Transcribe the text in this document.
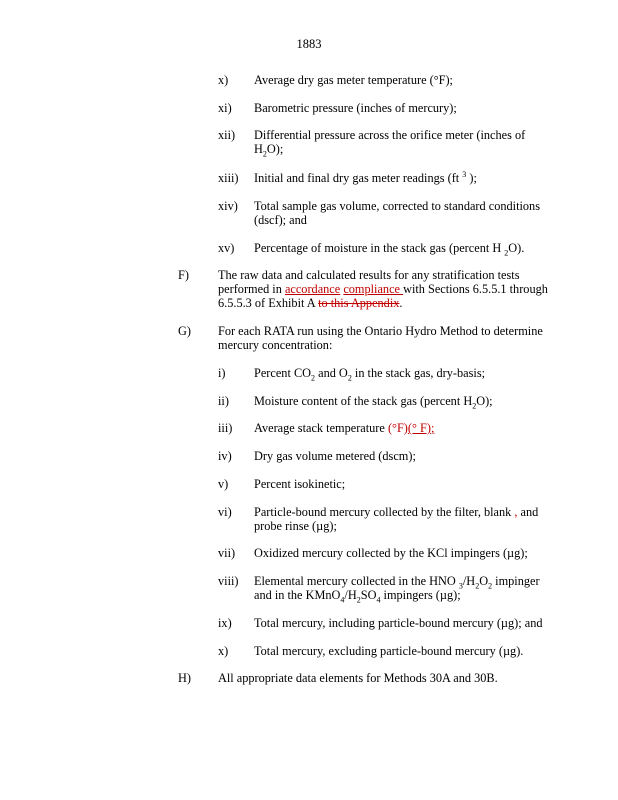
1883
x) Average dry gas meter temperature (°F);
xi) Barometric pressure (inches of mercury);
xii) Differential pressure across the orifice meter (inches of
$H_2O$);
xiii) Initial and final dry gas meter readings (ft $^3$ );
xiv) Total sample gas volume, corrected to standard conditions
(dscf); and
xv) Percentage of moisture in the stack gas (percent H $_2$O).
F) The raw data and calculated results for any stratification tests
performed in accordance compliance with Sections 6.5.5.1 through
6.5.5.3 of Exhibit A to this Appendix.
G) For each RATA run using the Ontario Hydro Method to determine
mercury concentration:
i) Percent $CO_2$ and $O_2$ in the stack gas, dry-basis;
ii) Moisture content of the stack gas (percent $H_2O$);
iii) Average stack temperature (°F)(° F);
iv) Dry gas volume metered (dscm);
v) Percent isokinetic;
vi) Particle-bound mercury collected by the filter, blank , and
probe rinse (µg);
vii) Oxidized mercury collected by the KCl impingers (µg);
viii) Elemental mercury collected in the HNO $_3/H_2O_2$ impinger
and in the $KMnO_4/H_2SO_4$ impingers (µg);
ix) Total mercury, including particle-bound mercury (µg); and
x) Total mercury, excluding particle-bound mercury (µg).
H) All appropriate data elements for Methods 30A and 30B.
